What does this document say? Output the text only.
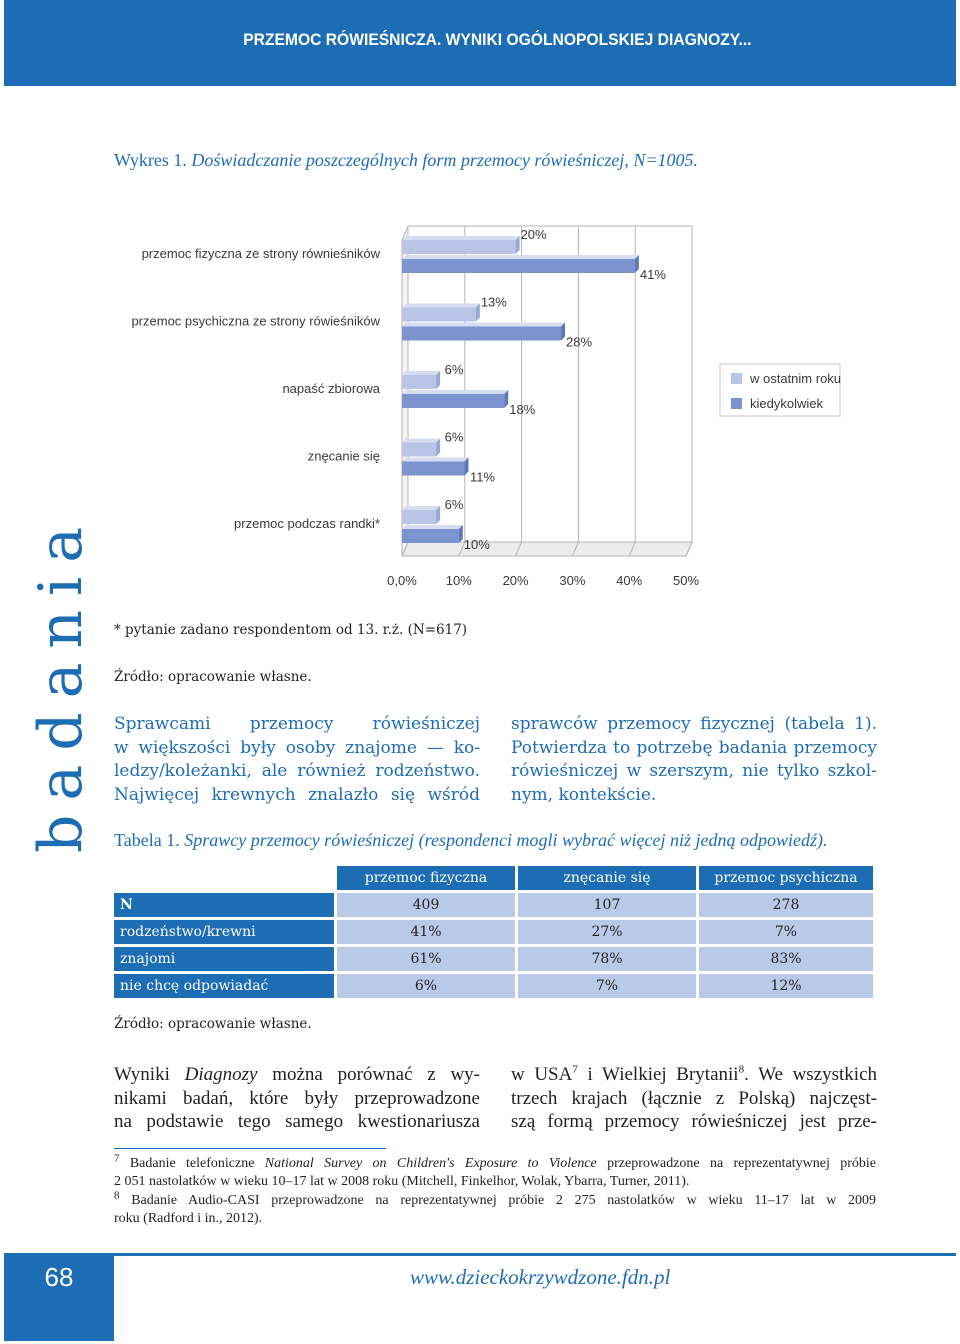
PRZEMOC RÓWIEŚNICZA. WYNIKI OGÓLNOPOLSKIEJ DIAGNOZY...
Wykres 1. Doświadczanie poszczególnych form przemocy rówieśniczej, N=1005.
0,0% 10% 20% 30% 40% 50%
przemoc fizyczna ze strony równieśników
20%
41%
przemoc psychiczna ze strony rówieśników
13%
28%
napaść zbiorowa
6%
18%
znęcanie się
6%
11%
przemoc podczas randki*
6%
10%
w ostatnim roku
kiedykolwiek
badania * pytanie zadano respondentom od 13. r.ż. (N=617)
Źródło: opracowanie własne.
Sprawcami przemocy rówieśniczej
w większości były osoby znajome — ko-
ledzy/koleżanki, ale również rodzeństwo.
Najwięcej krewnych znalazło się wśród
sprawców przemocy fizycznej (tabela 1).
Potwierdza to potrzebę badania przemocy
rówieśniczej w szerszym, nie tylko szkol-
nym, kontekście.
Tabela 1. Sprawcy przemocy rówieśniczej (respondenci mogli wybrać więcej niż jedną odpowiedź).
	przemoc fizyczna	znęcanie się	przemoc psychiczna
N	409	107	278
rodzeństwo/krewni	41%	27%	7%
znajomi	61%	78%	83%
nie chcę odpowiadać	6%	7%	12%
Źródło: opracowanie własne.
Wyniki Diagnozy można porównać z wy-
nikami badań, które były przeprowadzone
na podstawie tego samego kwestionariusza
w USA$^7$ i Wielkiej Brytanii$^8$. We wszystkich
trzech krajach (łącznie z Polską) najczęst-
szą formą przemocy rówieśniczej jest prze-
$^7$ Badanie telefoniczne National Survey on Children's Exposure to Violence przeprowadzone na reprezentatywnej próbie
2 051 nastolatków w wieku 10–17 lat w 2008 roku (Mitchell, Finkelhor, Wolak, Ybarra, Turner, 2011).
$^8$ Badanie Audio-CASI przeprowadzone na reprezentatywnej próbie 2 275 nastolatków w wieku 11–17 lat w 2009
roku (Radford i in., 2012).
68	www.dzieckokrzywdzone.fdn.pl
